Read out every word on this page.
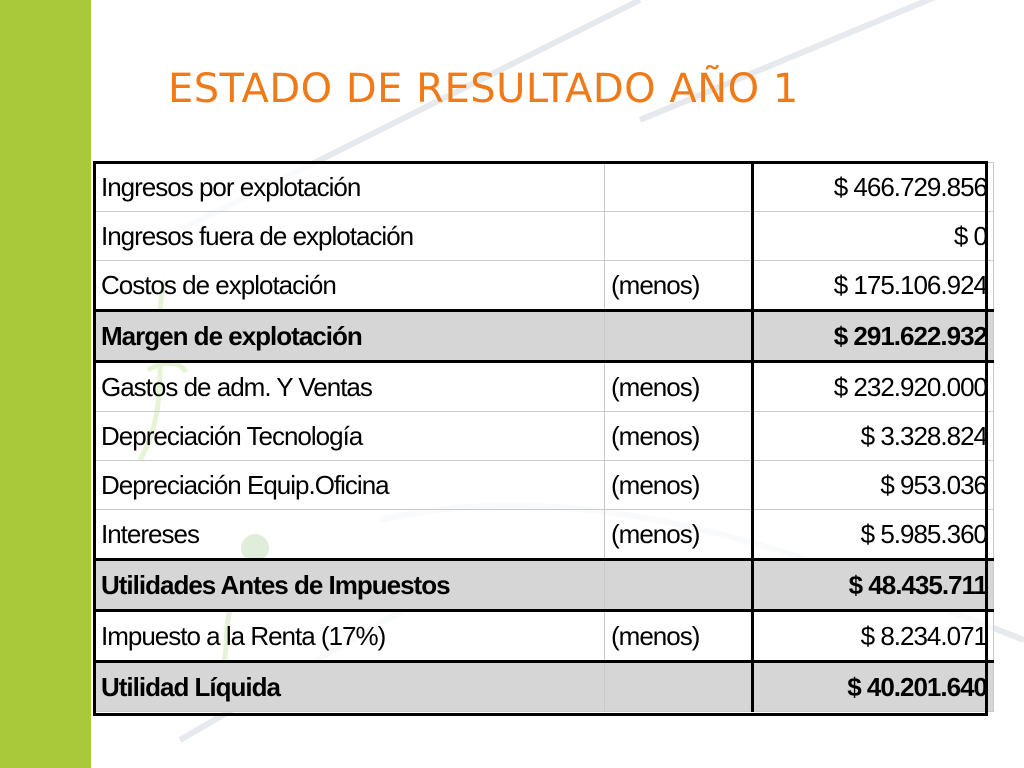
ESTADO DE RESULTADO AÑO 1
Ingresos por explotación		$ 466.729.856
Ingresos fuera de explotación		$ 0
Costos de explotación	(menos)	$ 175.106.924
Margen de explotación		$ 291.622.932
Gastos de adm. Y Ventas	(menos)	$ 232.920.000
Depreciación Tecnología	(menos)	$ 3.328.824
Depreciación Equip.Oficina	(menos)	$ 953.036
Intereses	(menos)	$ 5.985.360
Utilidades Antes de Impuestos		$ 48.435.711
Impuesto a la Renta (17%)	(menos)	$ 8.234.071
Utilidad Líquida		$ 40.201.640
